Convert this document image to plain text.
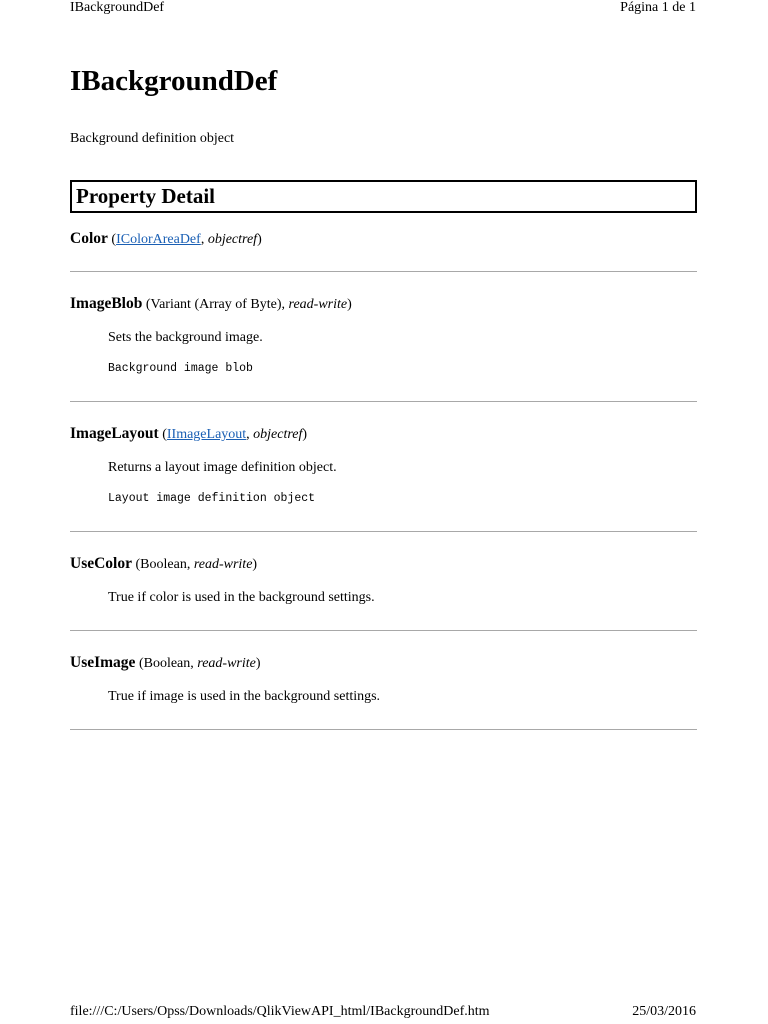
IBackgroundDef	Página 1 de 1
IBackgroundDef
Background definition object
Property Detail
Color (IColorAreaDef, objectref)
ImageBlob (Variant (Array of Byte), read-write)
Sets the background image.
Background image blob
ImageLayout (IImageLayout, objectref)
Returns a layout image definition object.
Layout image definition object
UseColor (Boolean, read-write)
True if color is used in the background settings.
UseImage (Boolean, read-write)
True if image is used in the background settings.
file:///C:/Users/Opss/Downloads/QlikViewAPI_html/IBackgroundDef.htm	25/03/2016
